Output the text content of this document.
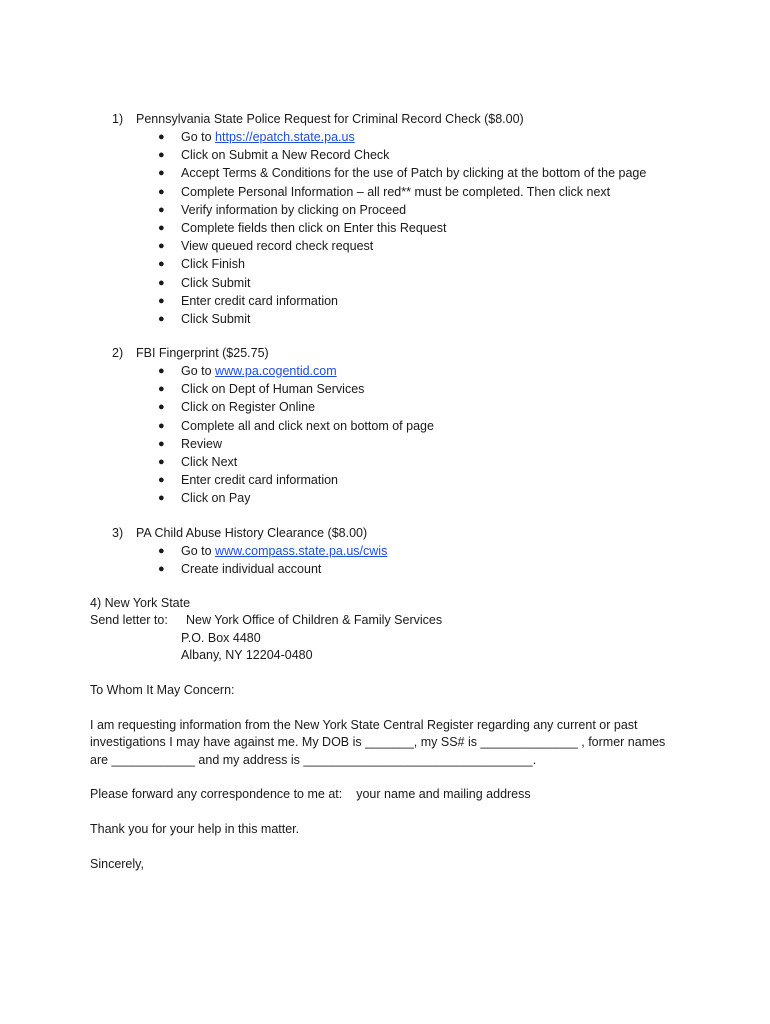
1) Pennsylvania State Police Request for Criminal Record Check ($8.00)
● Go to https://epatch.state.pa.us
● Click on Submit a New Record Check
● Accept Terms & Conditions for the use of Patch by clicking at the bottom of the page
● Complete Personal Information – all red** must be completed. Then click next
● Verify information by clicking on Proceed
● Complete fields then click on Enter this Request
● View queued record check request
● Click Finish
● Click Submit
● Enter credit card information
● Click Submit
2) FBI Fingerprint ($25.75)
● Go to www.pa.cogentid.com
● Click on Dept of Human Services
● Click on Register Online
● Complete all and click next on bottom of page
● Review
● Click Next
● Enter credit card information
● Click on Pay
3) PA Child Abuse History Clearance ($8.00)
● Go to www.compass.state.pa.us/cwis
● Create individual account
4) New York State
Send letter to: New York Office of Children & Family Services
P.O. Box 4480
Albany, NY 12204-0480
To Whom It May Concern:
I am requesting information from the New York State Central Register regarding any current or past
investigations I may have against me. My DOB is _______, my SS# is ______________ , former names
are ____________ and my address is _________________________________.
Please forward any correspondence to me at: your name and mailing address
Thank you for your help in this matter.
Sincerely,
